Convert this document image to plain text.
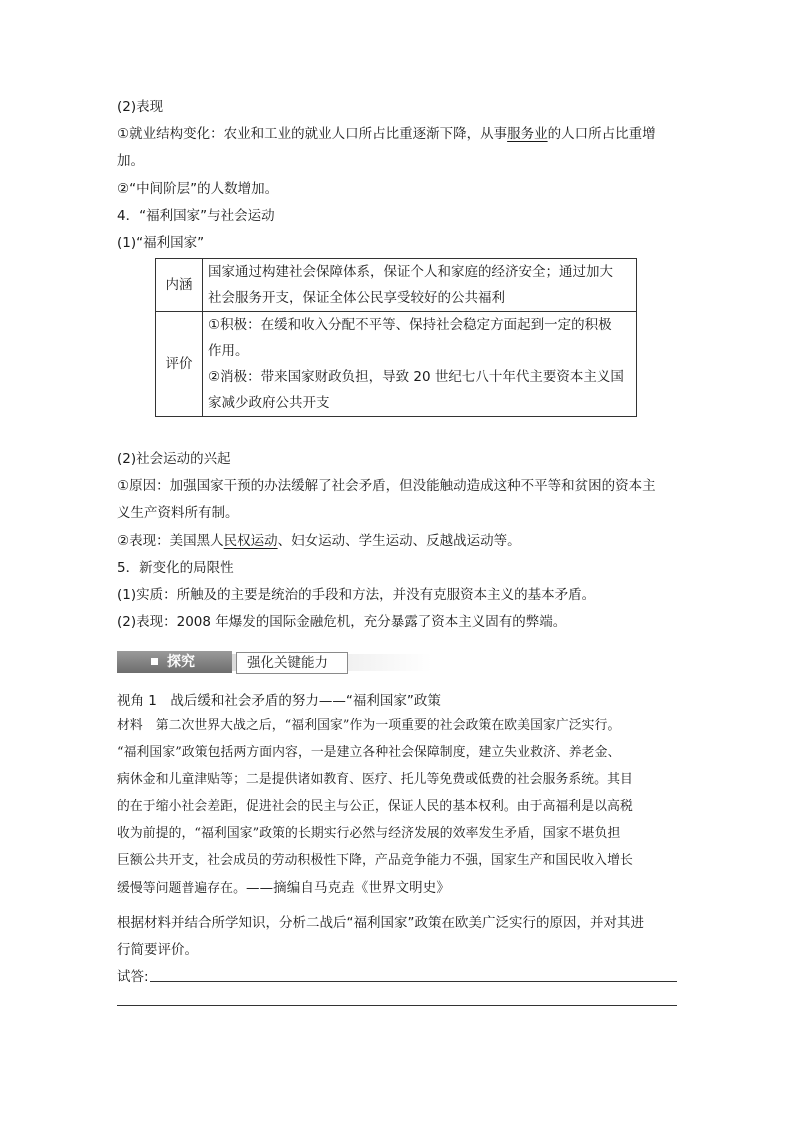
(2)表现
①就业结构变化：农业和工业的就业人口所占比重逐渐下降，从事服务业的人口所占比重增
加。
②“中间阶层”的人数增加。
4．“福利国家”与社会运动
(1)“福利国家”
内涵	国家通过构建社会保障体系，保证个人和家庭的经济安全；通过加大
社会服务开支，保证全体公民享受较好的公共福利

评价	①积极：在缓和收入分配不平等、保持社会稳定方面起到一定的积极
作用。
②消极：带来国家财政负担，导致 20 世纪七八十年代主要资本主义国
家减少政府公共开支
(2)社会运动的兴起
①原因：加强国家干预的办法缓解了社会矛盾，但没能触动造成这种不平等和贫困的资本主
义生产资料所有制。
②表现：美国黑人民权运动、妇女运动、学生运动、反越战运动等。
5．新变化的局限性
(1)实质：所触及的主要是统治的手段和方法，并没有克服资本主义的基本矛盾。
(2)表现：2008 年爆发的国际金融危机，充分暴露了资本主义固有的弊端。
探究	强化关键能力
视角 1　战后缓和社会矛盾的努力——“福利国家”政策
材料　第二次世界大战之后，“福利国家”作为一项重要的社会政策在欧美国家广泛实行。
“福利国家”政策包括两方面内容，一是建立各种社会保障制度，建立失业救济、养老金、
病休金和儿童津贴等；二是提供诸如教育、医疗、托儿等免费或低费的社会服务系统。其目
的在于缩小社会差距，促进社会的民主与公正，保证人民的基本权利。由于高福利是以高税
收为前提的，“福利国家”政策的长期实行必然与经济发展的效率发生矛盾，国家不堪负担
巨额公共开支，社会成员的劳动积极性下降，产品竞争能力不强，国家生产和国民收入增长
缓慢等问题普遍存在。——摘编自马克垚《世界文明史》
根据材料并结合所学知识，分析二战后“福利国家”政策在欧美广泛实行的原因，并对其进
行简要评价。
试答:
